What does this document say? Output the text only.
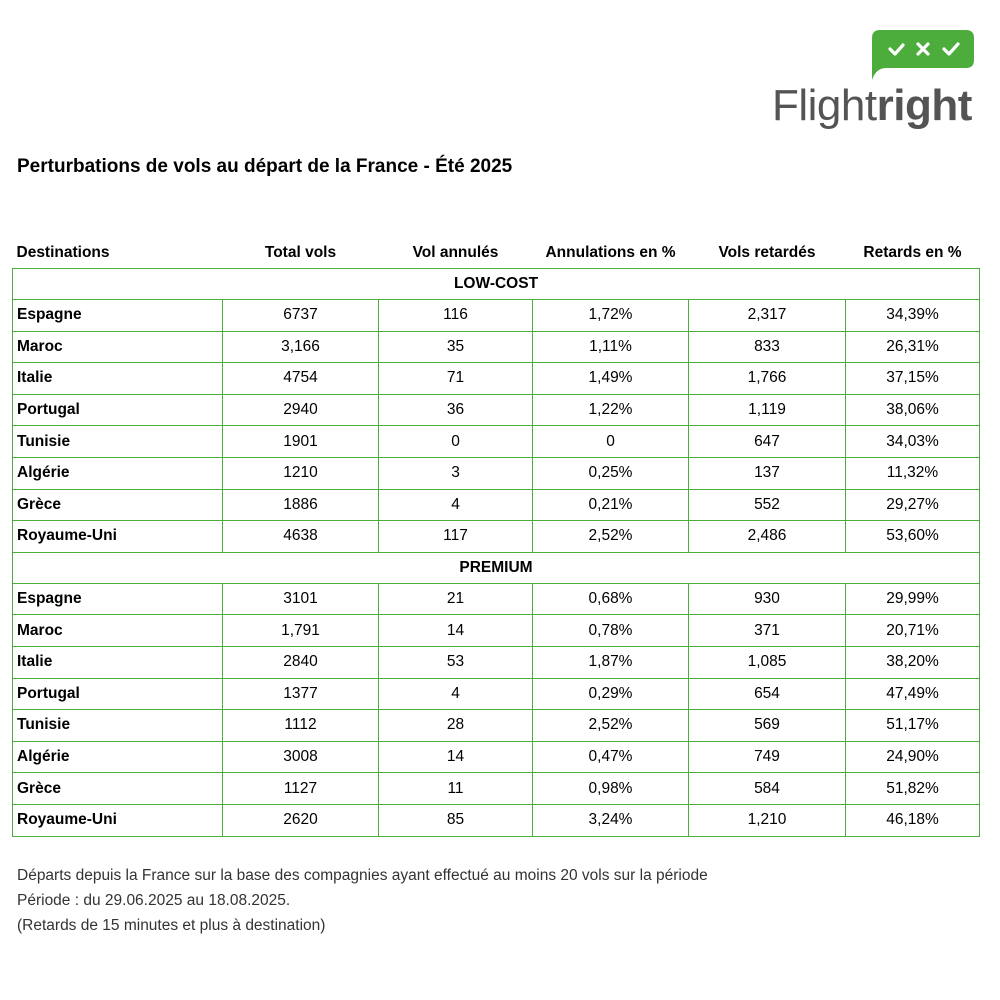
Flightright
Perturbations de vols au départ de la France - Été 2025
Destinations	Total vols	Vol annulés	Annulations en %	Vols retardés	Retards en %
LOW-COST					
Espagne	6737	116	1,72%	2,317	34,39%
Maroc	3,166	35	1,11%	833	26,31%
Italie	4754	71	1,49%	1,766	37,15%
Portugal	2940	36	1,22%	1,119	38,06%
Tunisie	1901	0	0	647	34,03%
Algérie	1210	3	0,25%	137	11,32%
Grèce	1886	4	0,21%	552	29,27%
Royaume-Uni	4638	117	2,52%	2,486	53,60%
PREMIUM					
Espagne	3101	21	0,68%	930	29,99%
Maroc	1,791	14	0,78%	371	20,71%
Italie	2840	53	1,87%	1,085	38,20%
Portugal	1377	4	0,29%	654	47,49%
Tunisie	1112	28	2,52%	569	51,17%
Algérie	3008	14	0,47%	749	24,90%
Grèce	1127	11	0,98%	584	51,82%
Royaume-Uni	2620	85	3,24%	1,210	46,18%
Départs depuis la France sur la base des compagnies ayant effectué au moins 20 vols sur la période
Période : du 29.06.2025 au 18.08.2025.
(Retards de 15 minutes et plus à destination)
